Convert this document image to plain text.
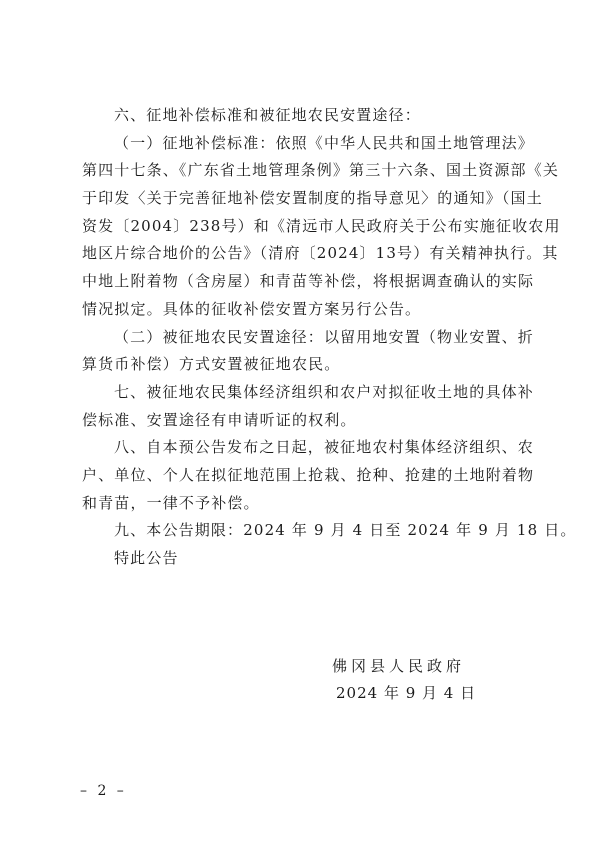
六、征地补偿标准和被征地农民安置途径：
（一）征地补偿标准：依照《中华人民共和国土地管理法》
第四十七条、《广东省土地管理条例》第三十六条、国土资源部《关
于印发〈关于完善征地补偿安置制度的指导意见〉的通知》（国土
资发〔2004〕238号）和《清远市人民政府关于公布实施征收农用
地区片综合地价的公告》（清府〔2024〕13号）有关精神执行。其
中地上附着物（含房屋）和青苗等补偿，将根据调查确认的实际
情况拟定。具体的征收补偿安置方案另行公告。
（二）被征地农民安置途径：以留用地安置（物业安置、折
算货币补偿）方式安置被征地农民。
七、被征地农民集体经济组织和农户对拟征收土地的具体补
偿标准、安置途径有申请听证的权利。
八、自本预公告发布之日起，被征地农村集体经济组织、农
户、单位、个人在拟征地范围上抢栽、抢种、抢建的土地附着物
和青苗，一律不予补偿。
九、本公告期限：2024 年 9 月 4 日至 2024 年 9 月 18 日。
特此公告
佛冈县人民政府
2024 年 9 月 4 日
– 2 –
